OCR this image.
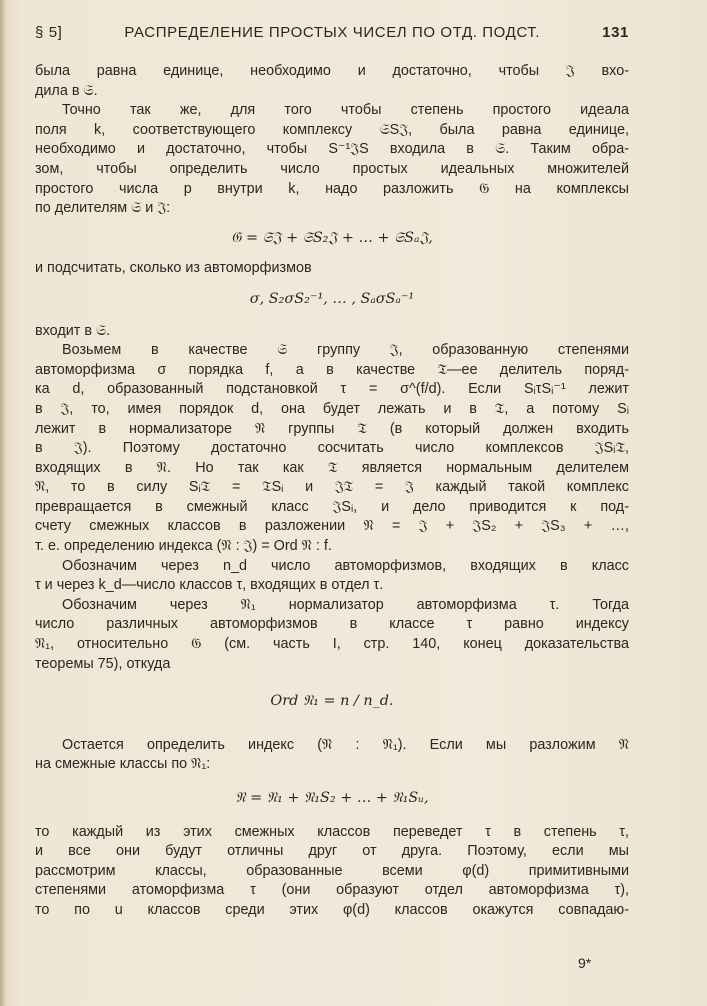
§ 5]	РАСПРЕДЕЛЕНИЕ ПРОСТЫХ ЧИСЕЛ ПО ОТД. ПОДСТ.	131
была равна единице, необходимо и достаточно, чтобы 𝔍 вхо-
дила в 𝔖.
Точно так же, для того чтобы степень простого идеала
поля k, соответствующего комплексу 𝔖S𝔍, была равна единице,
необходимо и достаточно, чтобы S⁻¹𝔍S входила в 𝔖. Таким обра-
зом, чтобы определить число простых идеальных множителей
простого числа p внутри k, надо разложить 𝔊 на комплексы
по делителям 𝔖 и 𝔍:
𝔊 = 𝔖𝔍 + 𝔖S₂𝔍 + … + 𝔖Sₐ𝔍,
и подсчитать, сколько из автоморфизмов
σ, S₂σS₂⁻¹, … , SₐσSₐ⁻¹
входит в 𝔖.
Возьмем в качестве 𝔖 группу 𝔍, образованную степенями
автоморфизма σ порядка f, а в качестве 𝔗—ее делитель поряд-
ка d, образованный подстановкой τ = σ^(f/d). Если SᵢτSᵢ⁻¹ лежит
в 𝔍, то, имея порядок d, она будет лежать и в 𝔗, а потому Sᵢ
лежит в нормализаторе 𝔑 группы 𝔗 (в который должен входить
в 𝔍). Поэтому достаточно сосчитать число комплексов 𝔍Sᵢ𝔗,
входящих в 𝔑. Но так как 𝔗 является нормальным делителем
𝔑, то в силу Sᵢ𝔗 = 𝔗Sᵢ и 𝔍𝔗 = 𝔍 каждый такой комплекс
превращается в смежный класс 𝔍Sᵢ, и дело приводится к под-
счету смежных классов в разложении 𝔑 = 𝔍 + 𝔍S₂ + 𝔍S₃ + …,
т. е. определению индекса (𝔑 : 𝔍) = Ord 𝔑 : f.
Обозначим через n_d число автоморфизмов, входящих в класс
τ и через k_d—число классов τ, входящих в отдел τ.
Обозначим через 𝔑₁ нормализатор автоморфизма τ. Тогда
число различных автоморфизмов в классе τ равно индексу
𝔑₁, относительно 𝔊 (см. часть I, стр. 140, конец доказательства
теоремы 75), откуда
Ord 𝔑₁ = n / n_d.
Остается определить индекс (𝔑 : 𝔑₁). Если мы разложим 𝔑
на смежные классы по 𝔑₁:
𝔑 = 𝔑₁ + 𝔑₁S₂ + … + 𝔑₁Sᵤ,
то каждый из этих смежных классов переведет τ в степень τ,
и все они будут отличны друг от друга. Поэтому, если мы
рассмотрим классы, образованные всеми φ(d) примитивными
степенями атоморфизма τ (они образуют отдел автоморфизма τ),
то по u классов среди этих φ(d) классов окажутся совпадаю-
9*
